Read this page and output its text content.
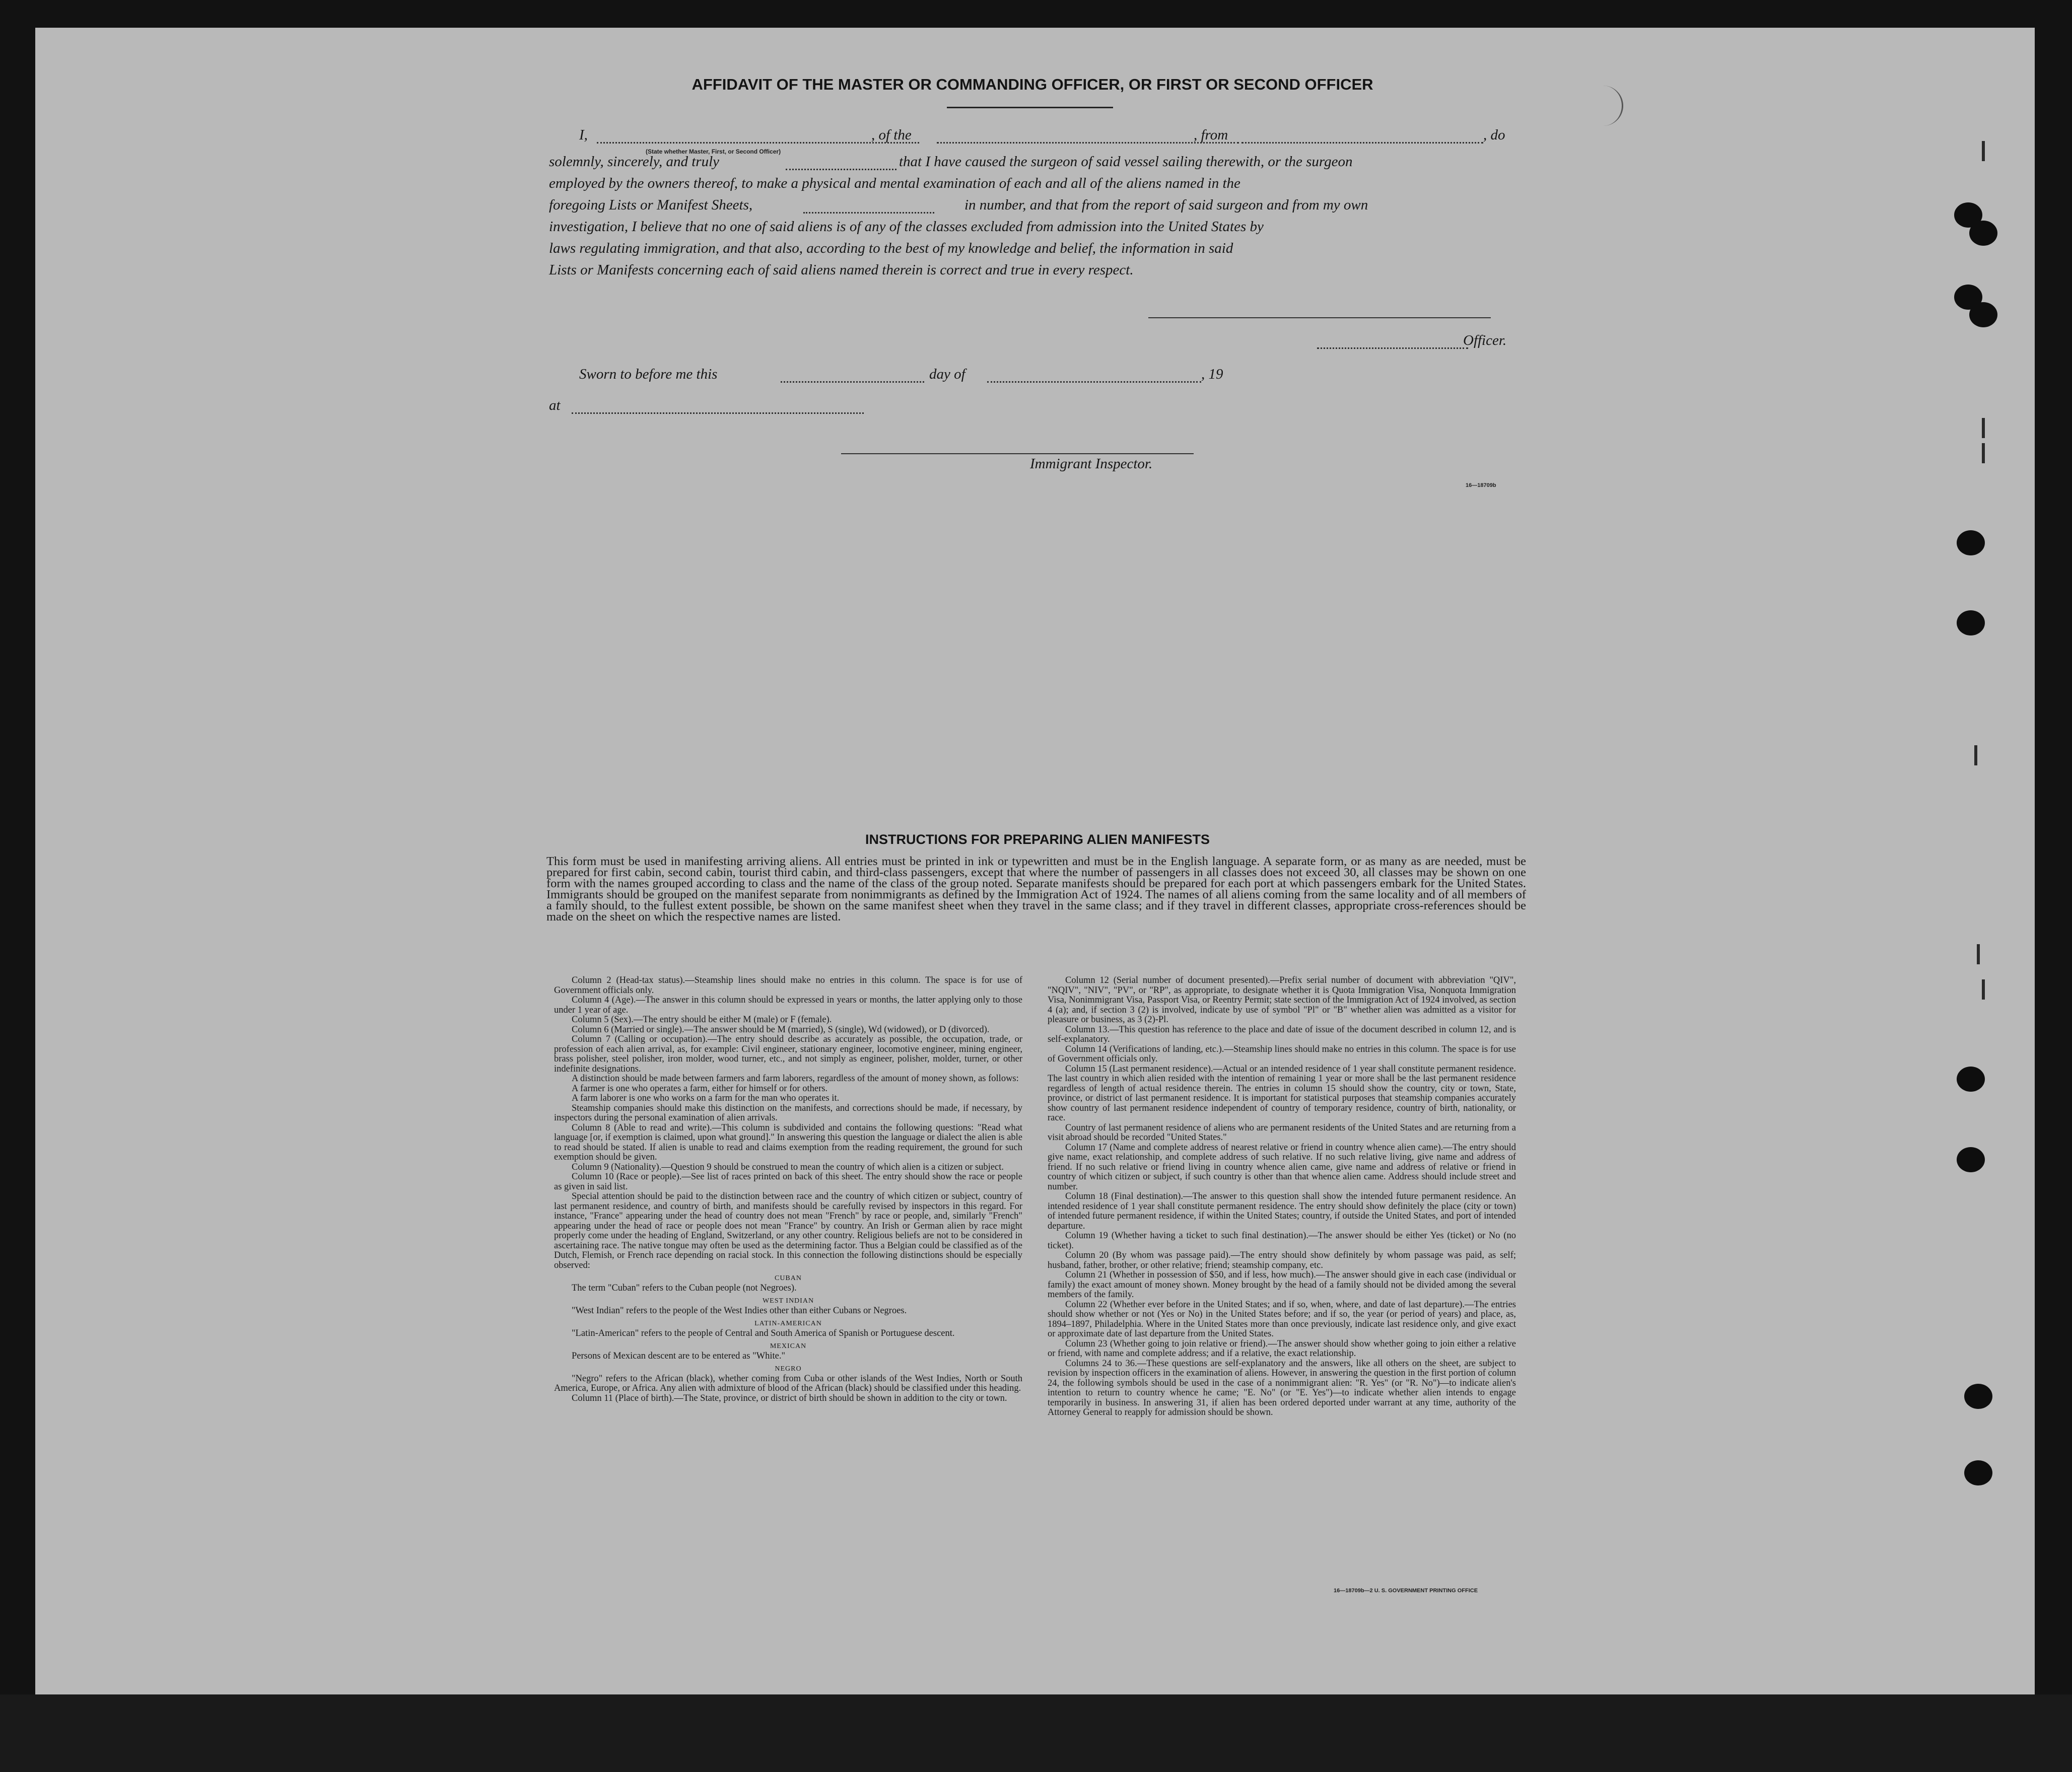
AFFIDAVIT OF THE MASTER OR COMMANDING OFFICER, OR FIRST OR SECOND OFFICER
I,	, of the	, from	, do
(State whether Master, First, or Second Officer)
solemnly, sincerely, and truly	that I have caused the surgeon of said vessel sailing therewith, or the surgeon
employed by the owners thereof, to make a physical and mental examination of each and all of the aliens named in the
foregoing Lists or Manifest Sheets,	in number, and that from the report of said surgeon and from my own
investigation, I believe that no one of said aliens is of any of the classes excluded from admission into the United States by
laws regulating immigration, and that also, according to the best of my knowledge and belief, the information in said
Lists or Manifests concerning each of said aliens named therein is correct and true in every respect.
Officer.
Sworn to before me this	day of	, 19
at
Immigrant Inspector.
16—18709b
INSTRUCTIONS FOR PREPARING ALIEN MANIFESTS
This form must be used in manifesting arriving aliens. All entries must be printed in ink or typewritten and must be in the English language. A separate form, or as many as are needed, must be prepared for first cabin, second cabin, tourist third cabin, and third-class passengers, except that where the number of passengers in all classes does not exceed 30, all classes may be shown on one form with the names grouped according to class and the name of the class of the group noted. Separate manifests should be prepared for each port at which passengers embark for the United States. Immigrants should be grouped on the manifest separate from nonimmigrants as defined by the Immigration Act of 1924. The names of all aliens coming from the same locality and of all members of a family should, to the fullest extent possible, be shown on the same manifest sheet when they travel in the same class; and if they travel in different classes, appropriate cross-references should be made on the sheet on which the respective names are listed.

Column 2 (Head-tax status).—Steamship lines should make no entries in this column. The space is for use of Government officials only.

Column 4 (Age).—The answer in this column should be expressed in years or months, the latter applying only to those under 1 year of age.

Column 5 (Sex).—The entry should be either M (male) or F (female).

Column 6 (Married or single).—The answer should be M (married), S (single), Wd (widowed), or D (divorced).

Column 7 (Calling or occupation).—The entry should describe as accurately as possible, the occupation, trade, or profession of each alien arrival, as, for example: Civil engineer, stationary engineer, locomotive engineer, mining engineer, brass polisher, steel polisher, iron molder, wood turner, etc., and not simply as engineer, polisher, molder, turner, or other indefinite designations.

A distinction should be made between farmers and farm laborers, regardless of the amount of money shown, as follows:

A farmer is one who operates a farm, either for himself or for others.

A farm laborer is one who works on a farm for the man who operates it.

Steamship companies should make this distinction on the manifests, and corrections should be made, if necessary, by inspectors during the personal examination of alien arrivals.

Column 8 (Able to read and write).—This column is subdivided and contains the following questions: "Read what language [or, if exemption is claimed, upon what ground]." In answering this question the language or dialect the alien is able to read should be stated. If alien is unable to read and claims exemption from the reading requirement, the ground for such exemption should be given.

Column 9 (Nationality).—Question 9 should be construed to mean the country of which alien is a citizen or subject.

Column 10 (Race or people).—See list of races printed on back of this sheet. The entry should show the race or people as given in said list.

Special attention should be paid to the distinction between race and the country of which citizen or subject, country of last permanent residence, and country of birth, and manifests should be carefully revised by inspectors in this regard. For instance, "France" appearing under the head of country does not mean "French" by race or people, and, similarly "French" appearing under the head of race or people does not mean "France" by country. An Irish or German alien by race might properly come under the heading of England, Switzerland, or any other country. Religious beliefs are not to be considered in ascertaining race. The native tongue may often be used as the determining factor. Thus a Belgian could be classified as of the Dutch, Flemish, or French race depending on racial stock. In this connection the following distinctions should be especially observed:

CUBAN

The term "Cuban" refers to the Cuban people (not Negroes).

WEST INDIAN

"West Indian" refers to the people of the West Indies other than either Cubans or Negroes.

LATIN-AMERICAN

"Latin-American" refers to the people of Central and South America of Spanish or Portuguese descent.

MEXICAN

Persons of Mexican descent are to be entered as "White."

NEGRO

"Negro" refers to the African (black), whether coming from Cuba or other islands of the West Indies, North or South America, Europe, or Africa. Any alien with admixture of blood of the African (black) should be classified under this heading.

Column 11 (Place of birth).—The State, province, or district of birth should be shown in addition to the city or town.

Column 12 (Serial number of document presented).—Prefix serial number of document with abbreviation "QIV", "NQIV", "NIV", "PV", or "RP", as appropriate, to designate whether it is Quota Immigration Visa, Nonquota Immigration Visa, Nonimmigrant Visa, Passport Visa, or Reentry Permit; state section of the Immigration Act of 1924 involved, as section 4 (a); and, if section 3 (2) is involved, indicate by use of symbol "Pl" or "B" whether alien was admitted as a visitor for pleasure or business, as 3 (2)-Pl.

Column 13.—This question has reference to the place and date of issue of the document described in column 12, and is self-explanatory.

Column 14 (Verifications of landing, etc.).—Steamship lines should make no entries in this column. The space is for use of Government officials only.

Column 15 (Last permanent residence).—Actual or an intended residence of 1 year shall constitute permanent residence. The last country in which alien resided with the intention of remaining 1 year or more shall be the last permanent residence regardless of length of actual residence therein. The entries in column 15 should show the country, city or town, State, province, or district of last permanent residence. It is important for statistical purposes that steamship companies accurately show country of last permanent residence independent of country of temporary residence, country of birth, nationality, or race.

Country of last permanent residence of aliens who are permanent residents of the United States and are returning from a visit abroad should be recorded "United States."

Column 17 (Name and complete address of nearest relative or friend in country whence alien came).—The entry should give name, exact relationship, and complete address of such relative. If no such relative living, give name and address of friend. If no such relative or friend living in country whence alien came, give name and address of relative or friend in country of which citizen or subject, if such country is other than that whence alien came. Address should include street and number.

Column 18 (Final destination).—The answer to this question shall show the intended future permanent residence. An intended residence of 1 year shall constitute permanent residence. The entry should show definitely the place (city or town) of intended future permanent residence, if within the United States; country, if outside the United States, and port of intended departure.

Column 19 (Whether having a ticket to such final destination).—The answer should be either Yes (ticket) or No (no ticket).

Column 20 (By whom was passage paid).—The entry should show definitely by whom passage was paid, as self; husband, father, brother, or other relative; friend; steamship company, etc.

Column 21 (Whether in possession of $50, and if less, how much).—The answer should give in each case (individual or family) the exact amount of money shown. Money brought by the head of a family should not be divided among the several members of the family.

Column 22 (Whether ever before in the United States; and if so, when, where, and date of last departure).—The entries should show whether or not (Yes or No) in the United States before; and if so, the year (or period of years) and place, as, 1894–1897, Philadelphia. Where in the United States more than once previously, indicate last residence only, and give exact or approximate date of last departure from the United States.

Column 23 (Whether going to join relative or friend).—The answer should show whether going to join either a relative or friend, with name and complete address; and if a relative, the exact relationship.

Columns 24 to 36.—These questions are self-explanatory and the answers, like all others on the sheet, are subject to revision by inspection officers in the examination of aliens. However, in answering the question in the first portion of column 24, the following symbols should be used in the case of a nonimmigrant alien: "R. Yes" (or "R. No")—to indicate alien's intention to return to country whence he came; "E. No" (or "E. Yes")—to indicate whether alien intends to engage temporarily in business. In answering 31, if alien has been ordered deported under warrant at any time, authority of the Attorney General to reapply for admission should be shown.

16—18709b—2 U. S. GOVERNMENT PRINTING OFFICE
